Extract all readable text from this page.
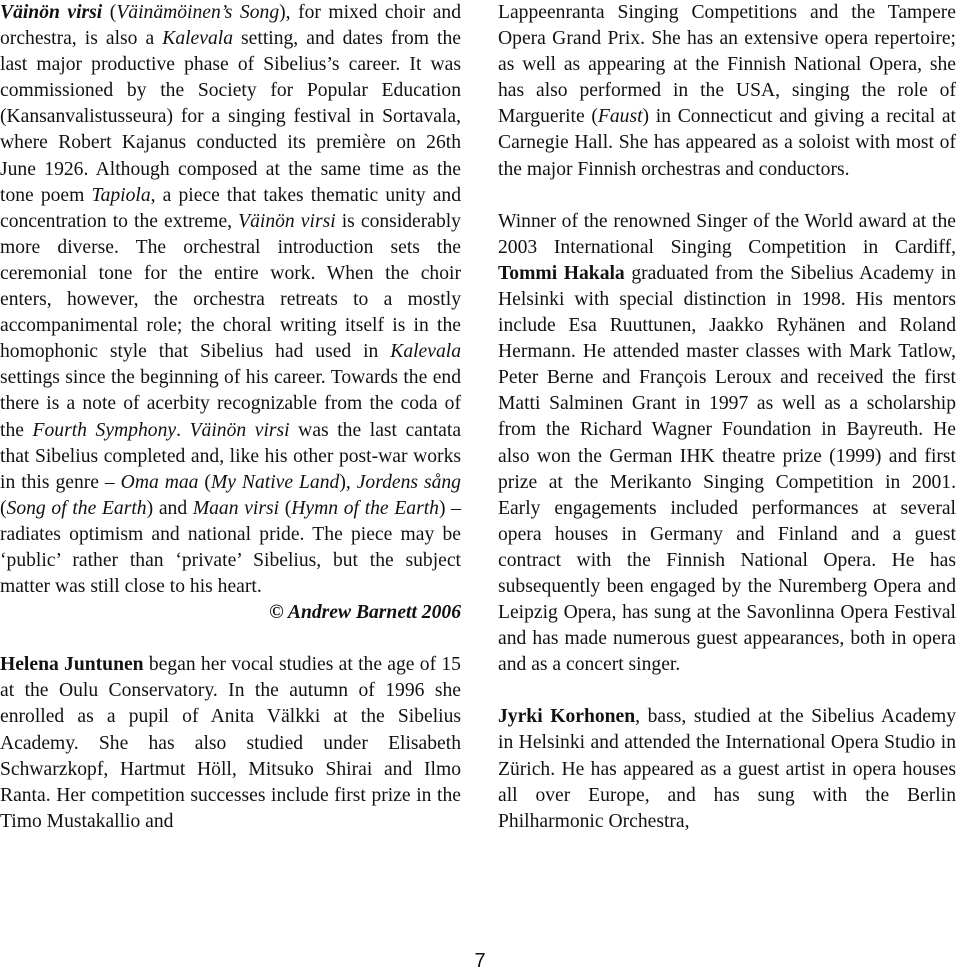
Väinön virsi (Väinämöinen’s Song), for mixed choir and orchestra, is also a Kalevala setting, and dates from the last major productive phase of Sibelius’s career. It was commissioned by the Society for Popular Education (Kansanvalistusseura) for a singing festival in Sortavala, where Robert Kajanus conducted its première on 26th June 1926. Although composed at the same time as the tone poem Tapiola, a piece that takes thematic unity and concentration to the extreme, Väinön virsi is considerably more diverse. The orchestral introduction sets the ceremonial tone for the entire work. When the choir enters, however, the orchestra retreats to a mostly accompanimental role; the choral writing itself is in the homophonic style that Sibelius had used in Kalevala settings since the beginning of his career. Towards the end there is a note of acerbity recognizable from the coda of the Fourth Symphony. Väinön virsi was the last cantata that Sibelius completed and, like his other post-war works in this genre – Oma maa (My Native Land), Jordens sång (Song of the Earth) and Maan virsi (Hymn of the Earth) – radiates optimism and national pride. The piece may be ‘public’ rather than ‘private’ Sibelius, but the subject matter was still close to his heart.

© Andrew Barnett 2006

Helena Juntunen began her vocal studies at the age of 15 at the Oulu Conservatory. In the autumn of 1996 she enrolled as a pupil of Anita Välkki at the Sibelius Academy. She has also studied under Elisabeth Schwarzkopf, Hartmut Höll, Mitsuko Shirai and Ilmo Ranta. Her competition successes include first prize in the Timo Mustakallio and

Lappeenranta Singing Competitions and the Tampere Opera Grand Prix. She has an extensive opera repertoire; as well as appearing at the Finnish National Opera, she has also performed in the USA, singing the role of Marguerite (Faust) in Connecticut and giving a recital at Carnegie Hall. She has appeared as a soloist with most of the major Finnish orchestras and conductors.

Winner of the renowned Singer of the World award at the 2003 International Singing Competition in Cardiff, Tommi Hakala graduated from the Sibelius Academy in Helsinki with special distinction in 1998. His mentors include Esa Ruuttunen, Jaakko Ryhänen and Roland Hermann. He attended master classes with Mark Tatlow, Peter Berne and François Leroux and received the first Matti Salminen Grant in 1997 as well as a scholarship from the Richard Wagner Foundation in Bayreuth. He also won the German IHK theatre prize (1999) and first prize at the Merikanto Singing Competition in 2001. Early engagements included performances at several opera houses in Germany and Finland and a guest contract with the Finnish National Opera. He has subsequently been engaged by the Nuremberg Opera and Leipzig Opera, has sung at the Savonlinna Opera Festival and has made numerous guest appearances, both in opera and as a concert singer.

Jyrki Korhonen, bass, studied at the Sibelius Academy in Helsinki and attended the International Opera Studio in Zürich. He has appeared as a guest artist in opera houses all over Europe, and has sung with the Berlin Philharmonic Orchestra,

7
